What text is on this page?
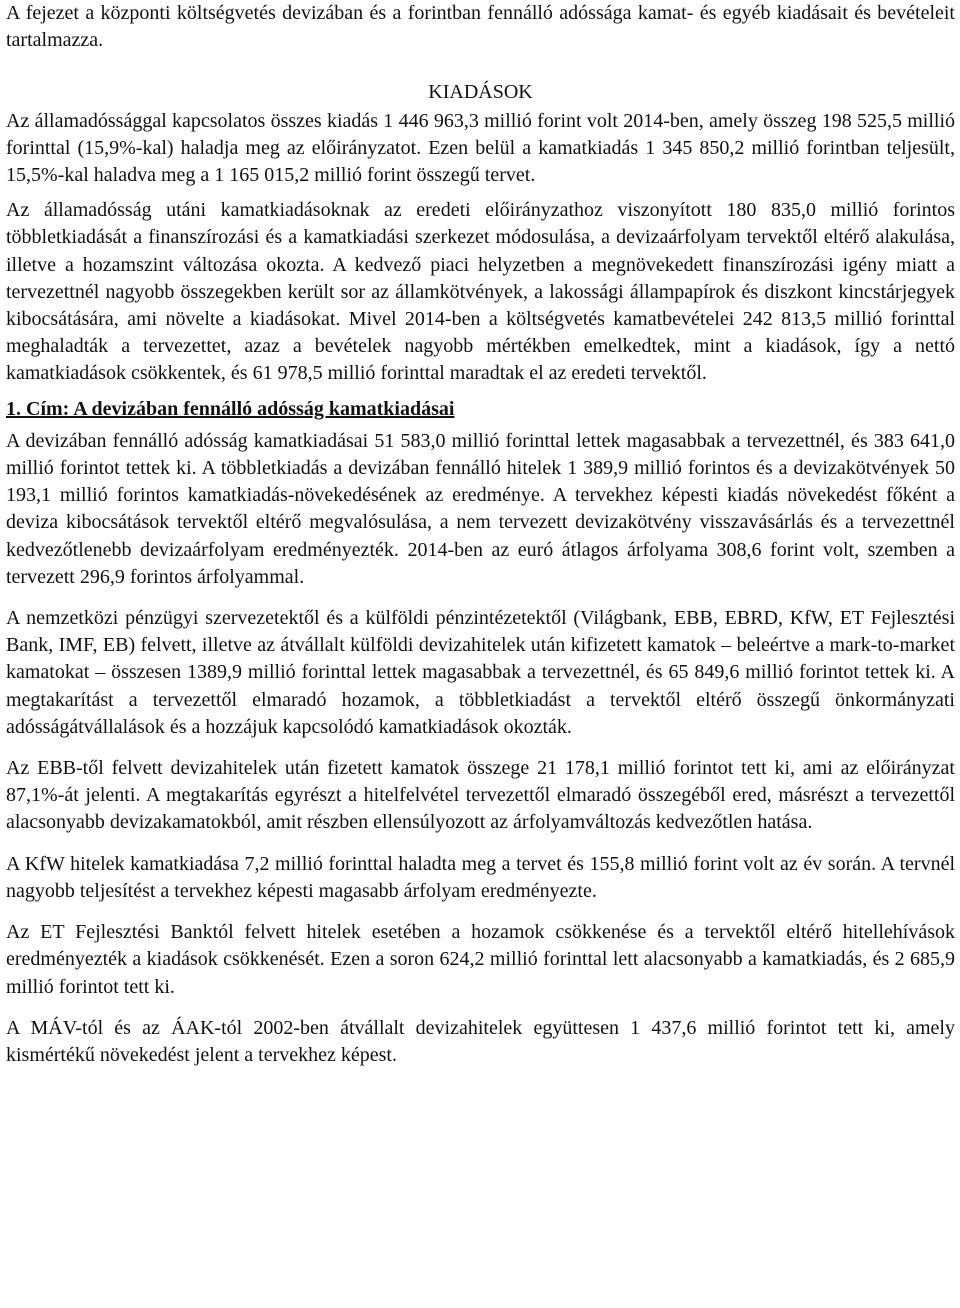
A fejezet a központi költségvetés devizában és a forintban fennálló adóssága kamat- és egyéb kiadásait és bevételeit tartalmazza.

KIADÁSOK

Az államadóssággal kapcsolatos összes kiadás 1 446 963,3 millió forint volt 2014-ben, amely összeg 198 525,5 millió forinttal (15,9%-kal) haladja meg az előirányzatot. Ezen belül a kamatkiadás 1 345 850,2 millió forintban teljesült, 15,5%-kal haladva meg a 1 165 015,2 millió forint összegű tervet.

Az államadósság utáni kamatkiadásoknak az eredeti előirányzathoz viszonyított 180 835,0 millió forintos többletkiadását a finanszírozási és a kamatkiadási szerkezet módosulása, a devizaárfolyam tervektől eltérő alakulása, illetve a hozamszint változása okozta. A kedvező piaci helyzetben a megnövekedett finanszírozási igény miatt a tervezettnél nagyobb összegekben került sor az államkötvények, a lakossági állampapírok és diszkont kincstárjegyek kibocsátására, ami növelte a kiadásokat. Mivel 2014-ben a költségvetés kamatbevételei 242 813,5 millió forinttal meghaladták a tervezettet, azaz a bevételek nagyobb mértékben emelkedtek, mint a kiadások, így a nettó kamatkiadások csökkentek, és 61 978,5 millió forinttal maradtak el az eredeti tervektől.

1. Cím: A devizában fennálló adósság kamatkiadásai

A devizában fennálló adósság kamatkiadásai 51 583,0 millió forinttal lettek magasabbak a tervezettnél, és 383 641,0 millió forintot tettek ki. A többletkiadás a devizában fennálló hitelek 1 389,9 millió forintos és a devizakötvények 50 193,1 millió forintos kamatkiadás-növekedésének az eredménye. A tervekhez képesti kiadás növekedést főként a deviza kibocsátások tervektől eltérő megvalósulása, a nem tervezett devizakötvény visszavásárlás és a tervezettnél kedvezőtlenebb devizaárfolyam eredményezték. 2014-ben az euró átlagos árfolyama 308,6 forint volt, szemben a tervezett 296,9 forintos árfolyammal.

A nemzetközi pénzügyi szervezetektől és a külföldi pénzintézetektől (Világbank, EBB, EBRD, KfW, ET Fejlesztési Bank, IMF, EB) felvett, illetve az átvállalt külföldi devizahitelek után kifizetett kamatok – beleértve a mark-to-market kamatokat – összesen 1389,9 millió forinttal lettek magasabbak a tervezettnél, és 65 849,6 millió forintot tettek ki. A megtakarítást a tervezettől elmaradó hozamok, a többletkiadást a tervektől eltérő összegű önkormányzati adósságátvállalások és a hozzájuk kapcsolódó kamatkiadások okozták.

Az EBB-től felvett devizahitelek után fizetett kamatok összege 21 178,1 millió forintot tett ki, ami az előirányzat 87,1%-át jelenti. A megtakarítás egyrészt a hitelfelvétel tervezettől elmaradó összegéből ered, másrészt a tervezettől alacsonyabb devizakamatokból, amit részben ellensúlyozott az árfolyamváltozás kedvezőtlen hatása.

A KfW hitelek kamatkiadása 7,2 millió forinttal haladta meg a tervet és 155,8 millió forint volt az év során. A tervnél nagyobb teljesítést a tervekhez képesti magasabb árfolyam eredményezte.

Az ET Fejlesztési Banktól felvett hitelek esetében a hozamok csökkenése és a tervektől eltérő hitellehívások eredményezték a kiadások csökkenését. Ezen a soron 624,2 millió forinttal lett alacsonyabb a kamatkiadás, és 2 685,9 millió forintot tett ki.

A MÁV-tól és az ÁAK-tól 2002-ben átvállalt devizahitelek együttesen 1 437,6 millió forintot tett ki, amely kismértékű növekedést jelent a tervekhez képest.
